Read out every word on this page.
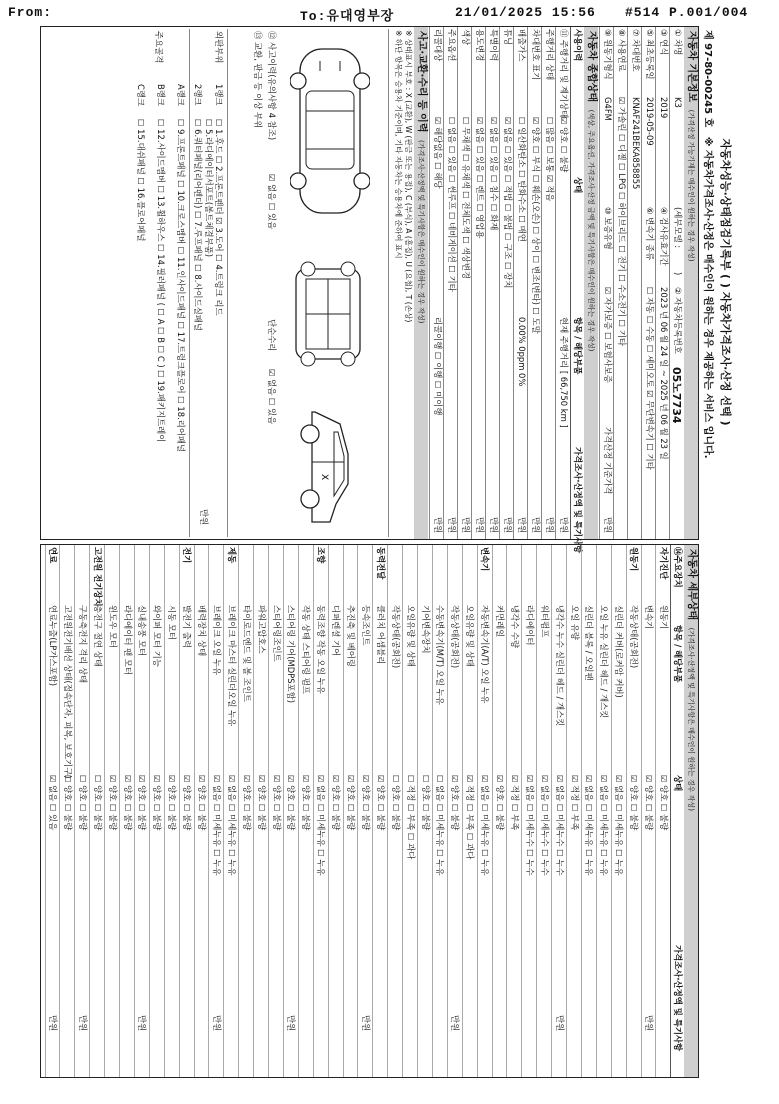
From:	To:유대영부장	21/01/2025 15:56 #514 P.001/004
자동차성능·상태점검기록부 ( ) 자동차가격조사·산정 선택 )
제 97-80-00245 호 ※ 자동차가격조사·산정은 매수인이 원하는 경우 제공하는 서비스 입니다.
자동차 기본정보 (가격산정 가능기재는 매수인이 원하는 경우 작성)
① 차명
K3
(세부모델 :
)
② 자동차등록번호
05노7734
③ 연식
2019
④ 검사유효기간
2023 년 06 월 24 일 ~ 2025 년 06 월 23 일
⑤ 최초등록일
2019-05-09
⑥ 변속기 종류
☐ 자동 ☐ 수동 ☐ 세미오토 ☑ 무단변속기 ☐ 기타
⑦ 차대번호
KNAF241BEKA858855
⑧ 사용연료
☑ 가솔린 ☐ 디젤 ☐ LPG ☐ 하이브리드 ☐ 전기 ☐ 수소전기 ☐ 기타
⑨ 원동기형식
G4FM
⑩ 보증유형
☑ 자가보증 ☐ 보험사보증
가격산정 기준가격
만원
자동차 종합상태 (색상, 주요옵션, 가격조사·산정 금액 및 특기사항은 매수인이 원하는 경우 작성)
사용이력
상태
항목 / 해당부품
가격조사·산정액 및 특기사항
⑪ 주행거리 및 계기상태
☑ 양호 ☐ 불량
현재 주행거리 [ 66,750 km ]
만원
주행거리 상태
☐ 많음 ☐ 보통 ☑ 적음
만원
차대번호 표기
☑ 양호 ☐ 부식 ☐ 훼손(오손) ☐ 상이 ☐ 변조(변타) ☐ 도말
만원
배출가스
☐ 일산화탄소 ☐ 탄화수소 ☐ 매연
0.00% 0ppm 0%
만원
튜닝
☑ 없음 ☐ 있음 ☐ 적법 ☐ 불법 ☐ 구조 ☐ 장치
만원
특별이력
☑ 없음 ☐ 있음 ☐ 침수 ☐ 화재
만원
용도변경
☑ 없음 ☐ 있음 ☐ 렌트 ☐ 영업용
만원
색상
☐ 무채색 ☐ 유채색 ☐ 전체도색 ☐ 색상변경
만원
주요옵션
☐ 없음 ☐ 있음 ☐ 썬루프 ☐ 네비게이션 ☐ 기타
만원
리콜대상
☑ 해당없음 ☐ 해당
리콜이행 ☐ 이행 ☐ 미이행
만원
사고·교환·수리 등 이력 (가격조사·산정액 및 특기사항은 매수인이 원하는 경우 작성)
※ 상태표시 부호 : X (교환), W (판금 또는 용접), C (부식), A (흠집), U (요철), T (손상)
※ 하단 항목은 승용차 기준이며, 기타 자동차는 승용차에 준하여 표시
X
⑫ 사고이력(유의사항 4 참조)
☑ 없음 ☐ 있음
단순수리
☑ 없음 ☐ 있음
⑬ 교환, 판금 등 이상 부위
외판부위
1랭크
☐ 1.후드 ☐ 2.프론트펜더 ☑ 3.도어 ☐ 4.트렁크 리드
☐ 5.라디에이터서포트(볼트체결부품)
2랭크
☐ 6.쿼터패널(리어펜더) ☐ 7.루프패널 ☐ 8.사이드실패널
주요골격
A랭크
☐ 9.프론트패널 ☐ 10.크로스멤버 ☐ 11.인사이드패널 ☐ 17.트렁크플로어 ☐ 18.리어패널
B랭크
☐ 12.사이드멤버 ☐ 13.휠하우스 ☐ 14.필러패널 ( ☐ A ☐ B ☐ C ) ☐ 19.패키지트레이
C랭크
☐ 15.대쉬패널 ☐ 16.플로어패널
만원
자동차 세부상태 (가격조사·산정액 및 특기사항은 매수인이 원하는 경우 작성)
⑭주요장치
항목 / 해당부품
상태
가격조사·산정액 및 특기사항
자기진단
원동기
☑ 양호 ☐ 불량
변속기
☑ 양호 ☐ 불량
만원
원동기
작동상태(공회전)
☑ 양호 ☐ 불량
실린더 커버(로커암 커버)
☑ 없음 ☐ 미세누유 ☐ 누유
오일 누유 실린더 헤드 / 개스킷
☑ 없음 ☐ 미세누유 ☐ 누유
실린더 블록 / 오일팬
☑ 없음 ☐ 미세누유 ☐ 누유
오일 유량
☑ 적정 ☐ 부족
냉각수 누수 실린더 헤드 / 개스킷
☑ 없음 ☐ 미세누수 ☐ 누수
만원
워터펌프
☑ 없음 ☐ 미세누수 ☐ 누수
라디에이터
☑ 없음 ☐ 미세누수 ☐ 누수
냉각수 수량
☑ 적정 ☐ 부족
커먼레일
☑ 양호 ☐ 불량
변속기
자동변속기(A/T) 오일 누유
☑ 없음 ☐ 미세누유 ☐ 누유
오일유량 및 상태
☑ 적정 ☐ 부족 ☐ 과다
작동상태(공회전)
☑ 양호 ☐ 불량
만원
수동변속기(M/T) 오일 누유
☐ 없음 ☐ 미세누유 ☐ 누유
기어변속장치
☐ 양호 ☐ 불량
오일유량 및 상태
☐ 적정 ☐ 부족 ☐ 과다
작동상태(공회전)
☐ 양호 ☐ 불량
동력전달
클러치 어셈블리
☑ 양호 ☐ 불량
등속조인트
☑ 양호 ☐ 불량
만원
추진축 및 베어링
☑ 양호 ☐ 불량
디퍼렌셜 기어
☑ 양호 ☐ 불량
조향
동력조향 작동 오일 누유
☑ 없음 ☐ 미세누유 ☐ 누유
작동 상태 스티어링 펌프
☑ 양호 ☐ 불량
스티어링 기어(MDPS포함)
☑ 양호 ☐ 불량
만원
스티어링조인트
☑ 양호 ☐ 불량
파워고압호스
☑ 양호 ☐ 불량
타이로드엔드 및 볼 조인트
☑ 양호 ☐ 불량
제동
브레이크 마스터 실린더오일 누유
☑ 없음 ☐ 미세누유 ☐ 누유
브레이크 오일 누유
☑ 없음 ☐ 미세누유 ☐ 누유
만원
배력장치 상태
☑ 양호 ☐ 불량
전기
발전기 출력
☑ 양호 ☐ 불량
시동 모터
☑ 양호 ☐ 불량
와이퍼 모터 기능
☑ 양호 ☐ 불량
실내송풍 모터
☑ 양호 ☐ 불량
만원
라디에이터 팬 모터
☑ 양호 ☐ 불량
윈도우 모터
☑ 양호 ☐ 불량
고전원 전기장치
충전구 절연 상태
☐ 양호 ☐ 불량
구동축전지 격리 상태
☐ 양호 ☐ 불량
만원
고전원전기배선 상태(접속단자, 피복, 보호기구)
☐ 양호 ☐ 불량
연료
연료누출(LP가스포함)
☑ 없음 ☐ 있음
만원
